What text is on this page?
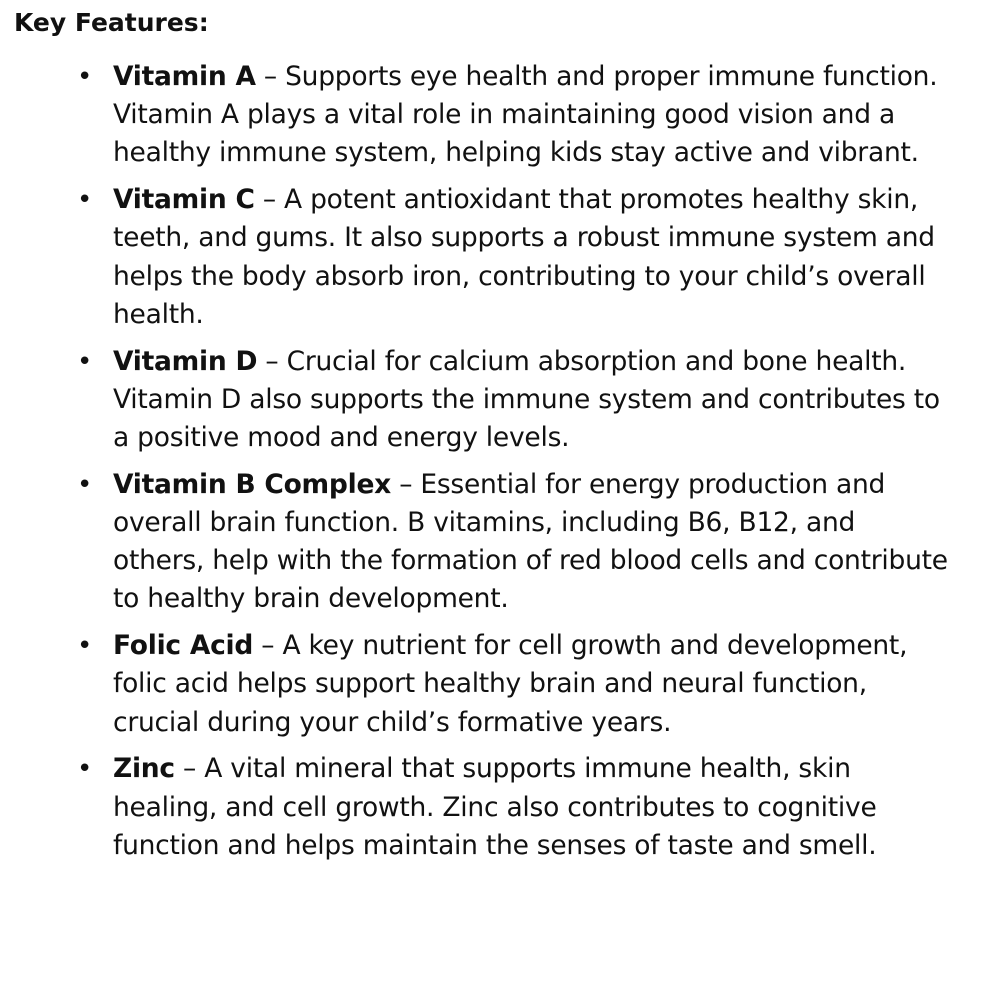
Key Features:
• Vitamin A – Supports eye health and proper immune function. Vitamin A plays a vital role in maintaining good vision and a healthy immune system, helping kids stay active and vibrant.
• Vitamin C – A potent antioxidant that promotes healthy skin, teeth, and gums. It also supports a robust immune system and helps the body absorb iron, contributing to your child’s overall health.
• Vitamin D – Crucial for calcium absorption and bone health. Vitamin D also supports the immune system and contributes to a positive mood and energy levels.
• Vitamin B Complex – Essential for energy production and overall brain function. B vitamins, including B6, B12, and others, help with the formation of red blood cells and contribute to healthy brain development.
• Folic Acid – A key nutrient for cell growth and development, folic acid helps support healthy brain and neural function, crucial during your child’s formative years.
• Zinc – A vital mineral that supports immune health, skin healing, and cell growth. Zinc also contributes to cognitive function and helps maintain the senses of taste and smell.
